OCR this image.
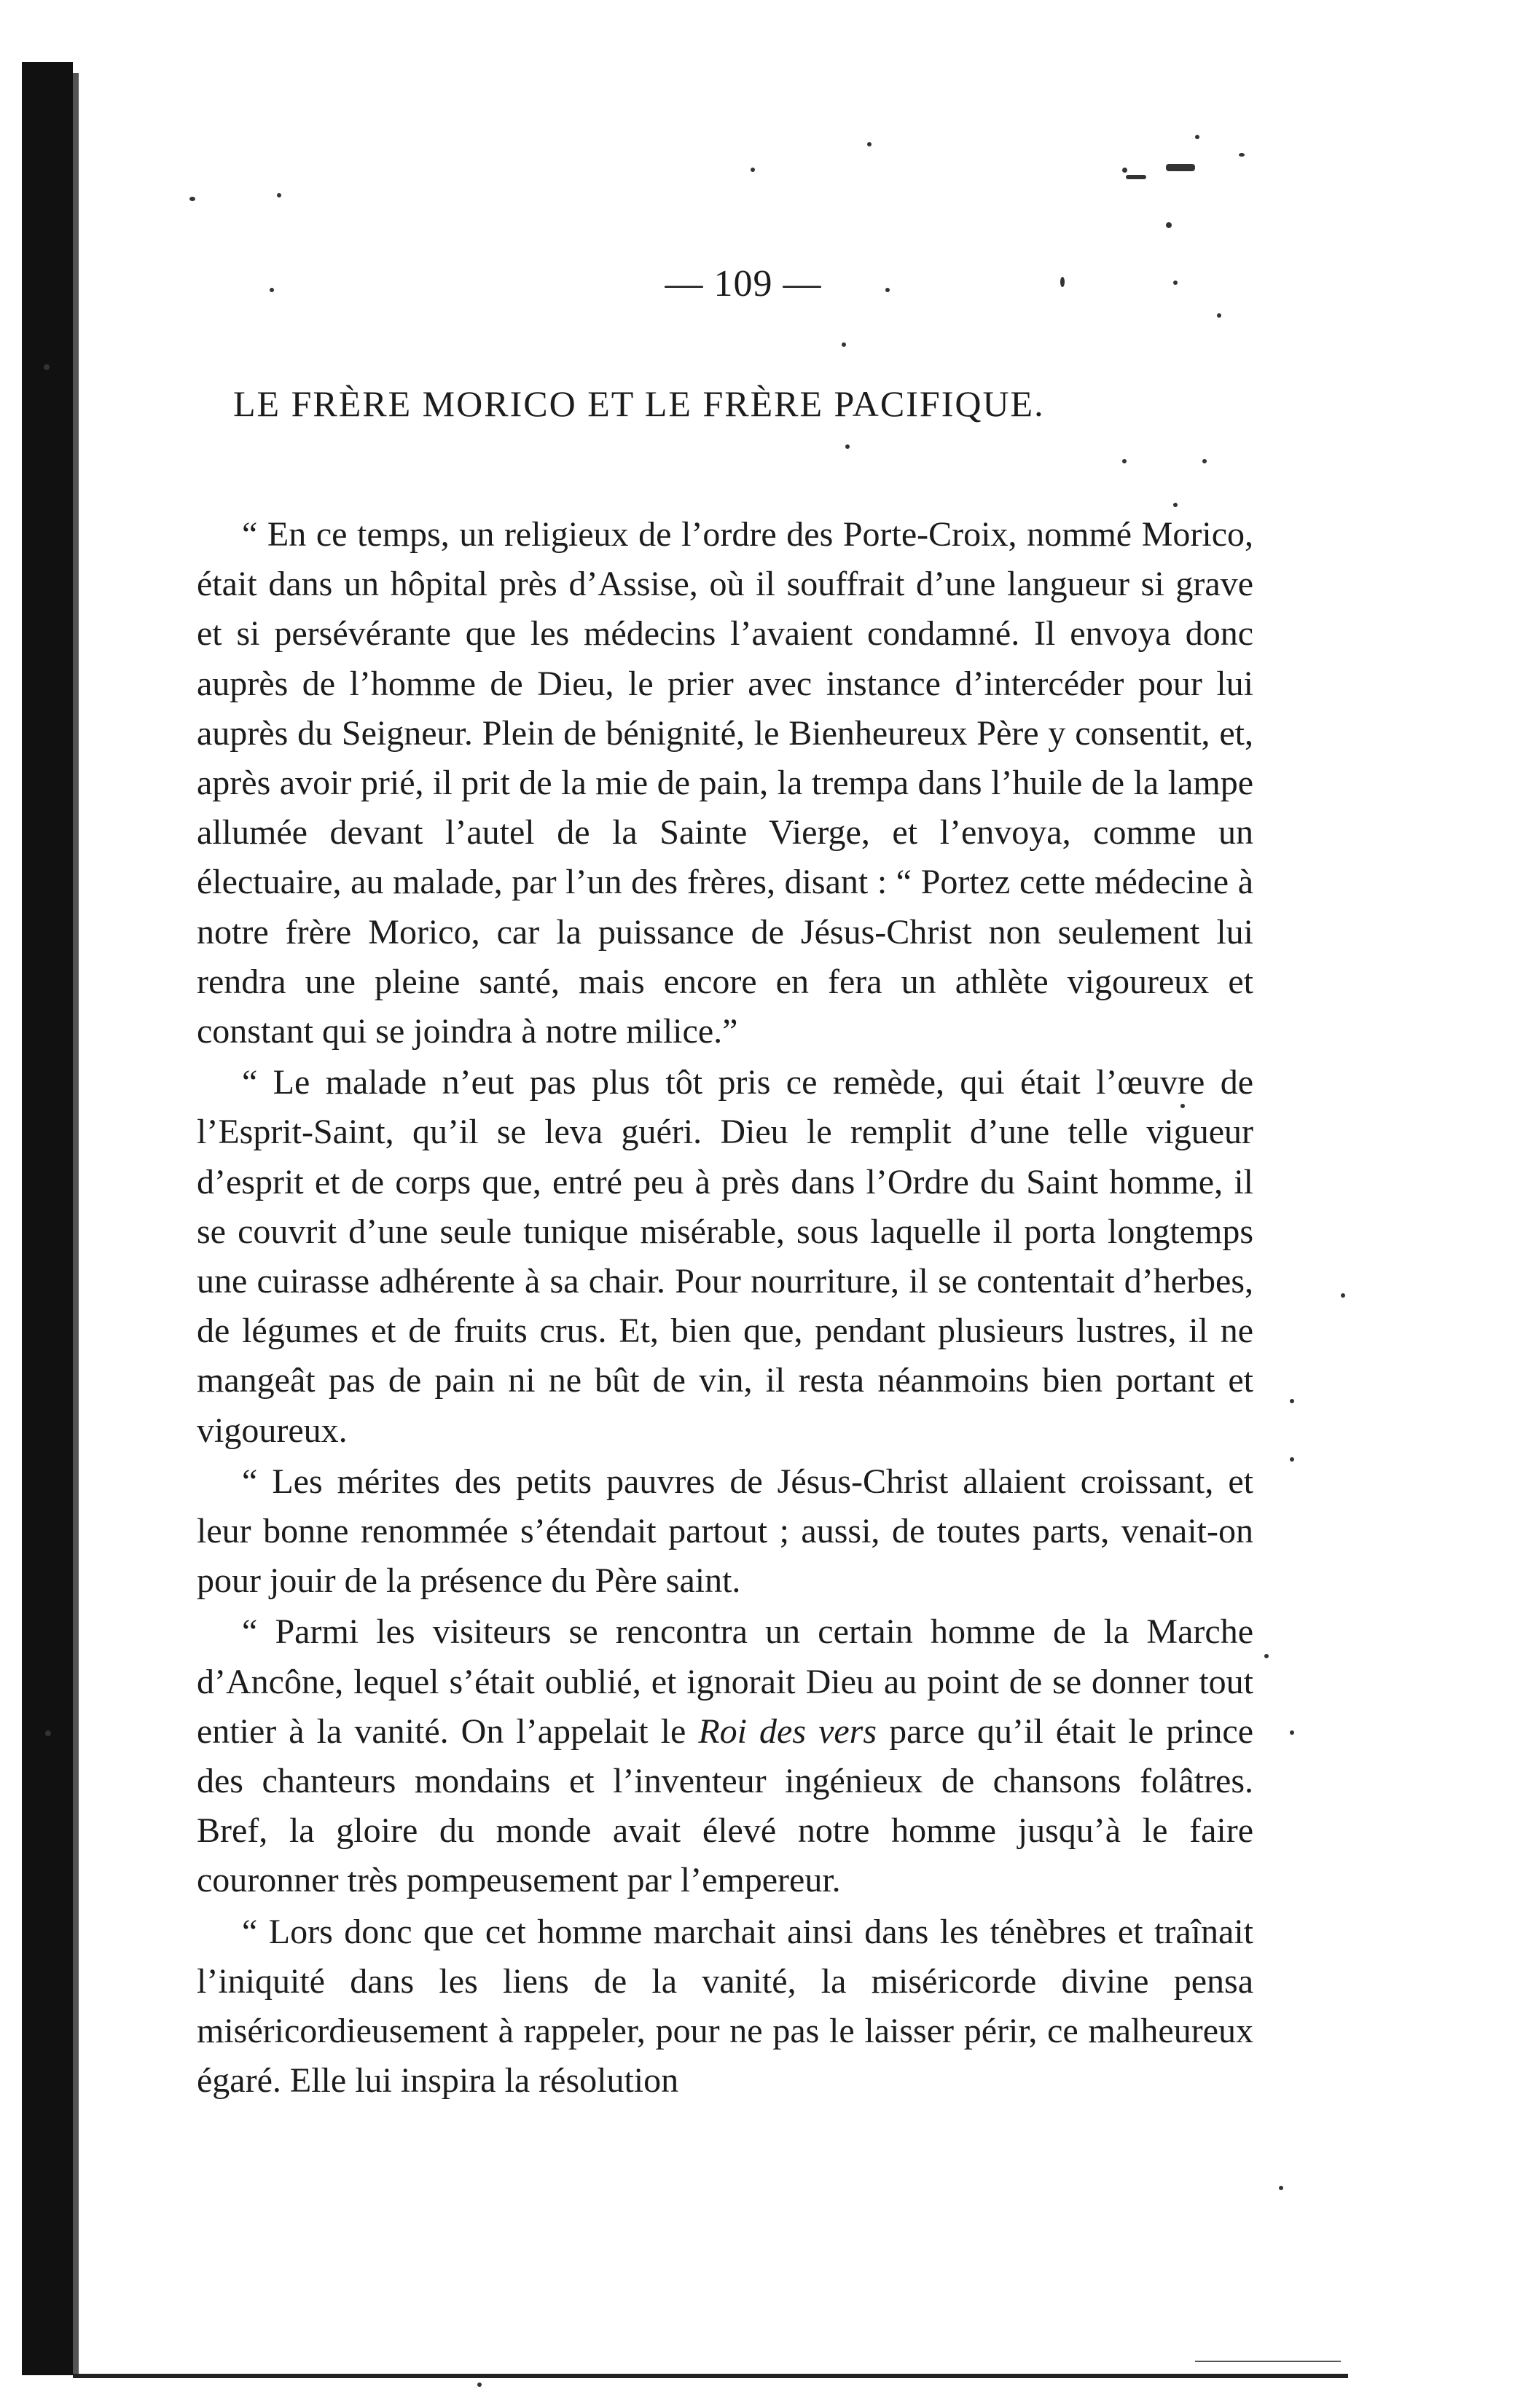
— 109 —
LE FRÈRE MORICO ET LE FRÈRE PACIFIQUE.

“ En ce temps, un religieux de l’ordre des Porte-Croix, nommé Morico, était dans un hôpital près d’Assise, où il souffrait d’une langueur si grave et si persévérante que les médecins l’avaient condamné. Il envoya donc auprès de l’homme de Dieu, le prier avec instance d’intercéder pour lui auprès du Seigneur. Plein de bénignité, le Bienheureux Père y consentit, et, après avoir prié, il prit de la mie de pain, la trempa dans l’huile de la lampe allumée devant l’autel de la Sainte Vierge, et l’envoya, comme un électuaire, au malade, par l’un des frères, disant : “ Portez cette médecine à notre frère Morico, car la puissance de Jésus-Christ non seulement lui rendra une pleine santé, mais encore en fera un athlète vigoureux et constant qui se joindra à notre milice.”

“ Le malade n’eut pas plus tôt pris ce remède, qui était l’œuvre de l’Esprit-Saint, qu’il se leva guéri. Dieu le remplit d’une telle vigueur d’esprit et de corps que, entré peu à près dans l’Ordre du Saint homme, il se couvrit d’une seule tunique misérable, sous laquelle il porta longtemps une cuirasse adhérente à sa chair. Pour nourriture, il se contentait d’herbes, de légumes et de fruits crus. Et, bien que, pendant plusieurs lustres, il ne mangeât pas de pain ni ne bût de vin, il resta néanmoins bien portant et vigoureux.

“ Les mérites des petits pauvres de Jésus-Christ allaient croissant, et leur bonne renommée s’étendait partout ; aussi, de toutes parts, venait-on pour jouir de la présence du Père saint.

“ Parmi les visiteurs se rencontra un certain homme de la Marche d’Ancône, lequel s’était oublié, et ignorait Dieu au point de se donner tout entier à la vanité. On l’appelait le Roi des vers parce qu’il était le prince des chanteurs mondains et l’inventeur ingénieux de chansons folâtres. Bref, la gloire du monde avait élevé notre homme jusqu’à le faire couronner très pompeusement par l’empereur.

“ Lors donc que cet homme marchait ainsi dans les ténèbres et traînait l’iniquité dans les liens de la vanité, la miséricorde divine pensa miséricordieusement à rappeler, pour ne pas le laisser périr, ce malheureux égaré. Elle lui inspira la résolution
